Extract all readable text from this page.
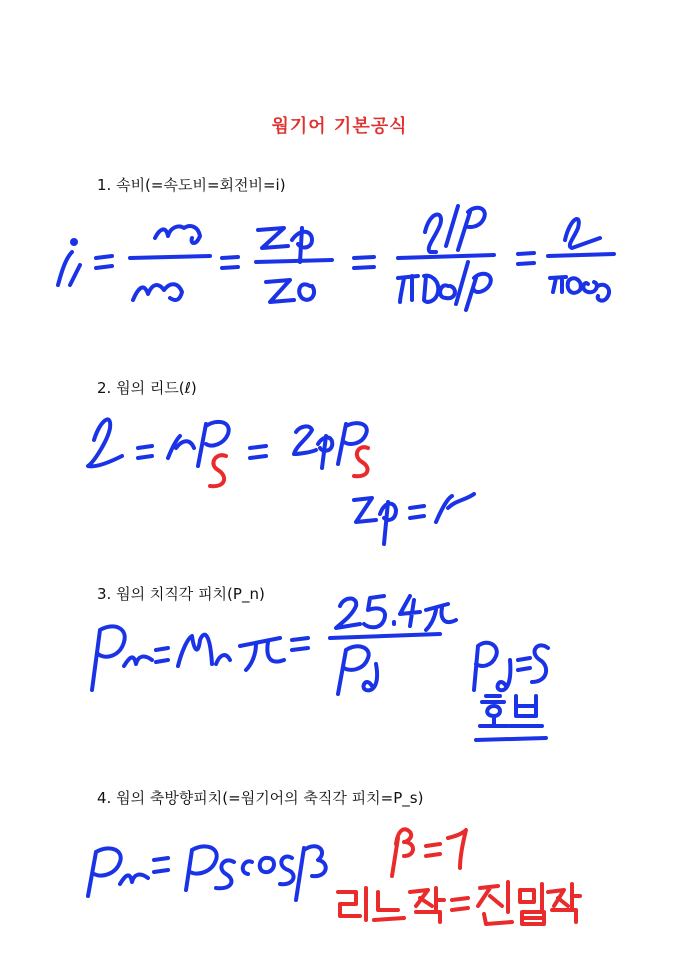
웜기어 기본공식
1. 속비(=속도비=회전비=i)
2. 웜의 리드(ℓ)
3. 웜의 치직각 피치(P_n)
4. 웜의 축방향피치(=웜기어의 축직각 피치=P_s)
